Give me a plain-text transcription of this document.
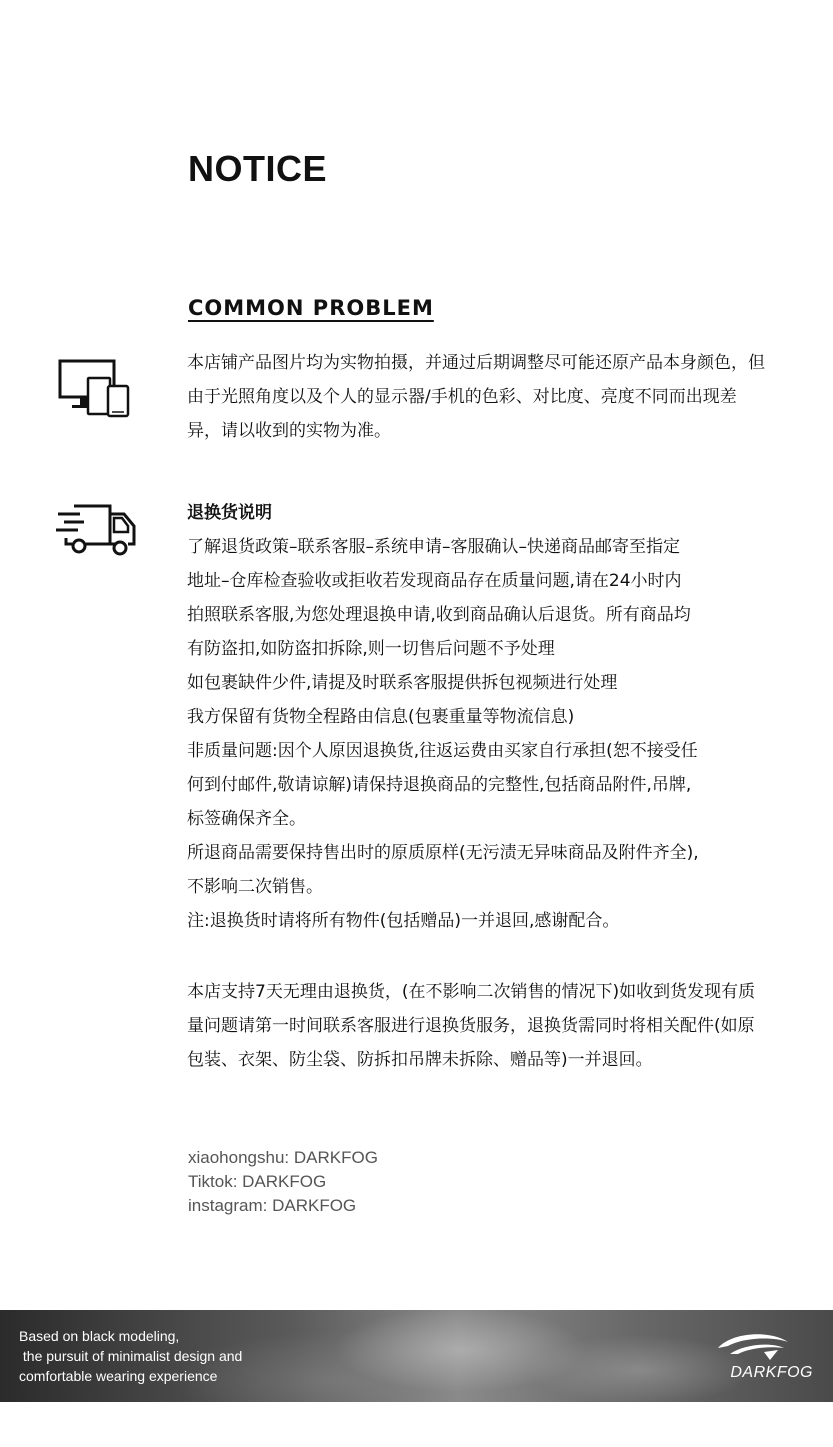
NOTICE
COMMON PROBLEM

本店铺产品图片均为实物拍摄，并通过后期调整尽可能还原产品本身颜色，但由于光照角度以及个人的显示器/手机的色彩、对比度、亮度不同而出现差异，请以收到的实物为准。

退换货说明

了解退货政策–联系客服–系统申请–客服确认–快递商品邮寄至指定

地址–仓库检查验收或拒收若发现商品存在质量问题,请在24小时内

拍照联系客服,为您处理退换申请,收到商品确认后退货。所有商品均

有防盗扣,如防盗扣拆除,则一切售后问题不予处理

如包裹缺件少件,请提及时联系客服提供拆包视频进行处理

我方保留有货物全程路由信息(包裹重量等物流信息)

非质量问题:因个人原因退换货,往返运费由买家自行承担(恕不接受任

何到付邮件,敬请谅解)请保持退换商品的完整性,包括商品附件,吊牌,

标签确保齐全。

所退商品需要保持售出时的原质原样(无污渍无异味商品及附件齐全),

不影响二次销售。

注:退换货时请将所有物件(包括赠品)一并退回,感谢配合。

本店支持7天无理由退换货，(在不影响二次销售的情况下)如收到货发现有质量问题请第一时间联系客服进行退换货服务，退换货需同时将相关配件(如原包装、衣架、防尘袋、防拆扣吊牌未拆除、赠品等)一并退回。

xiaohongshu: DARKFOG

Tiktok: DARKFOG

instagram: DARKFOG

Based on black modeling,
the pursuit of minimalist design and
comfortable wearing experience	DARKFOG
